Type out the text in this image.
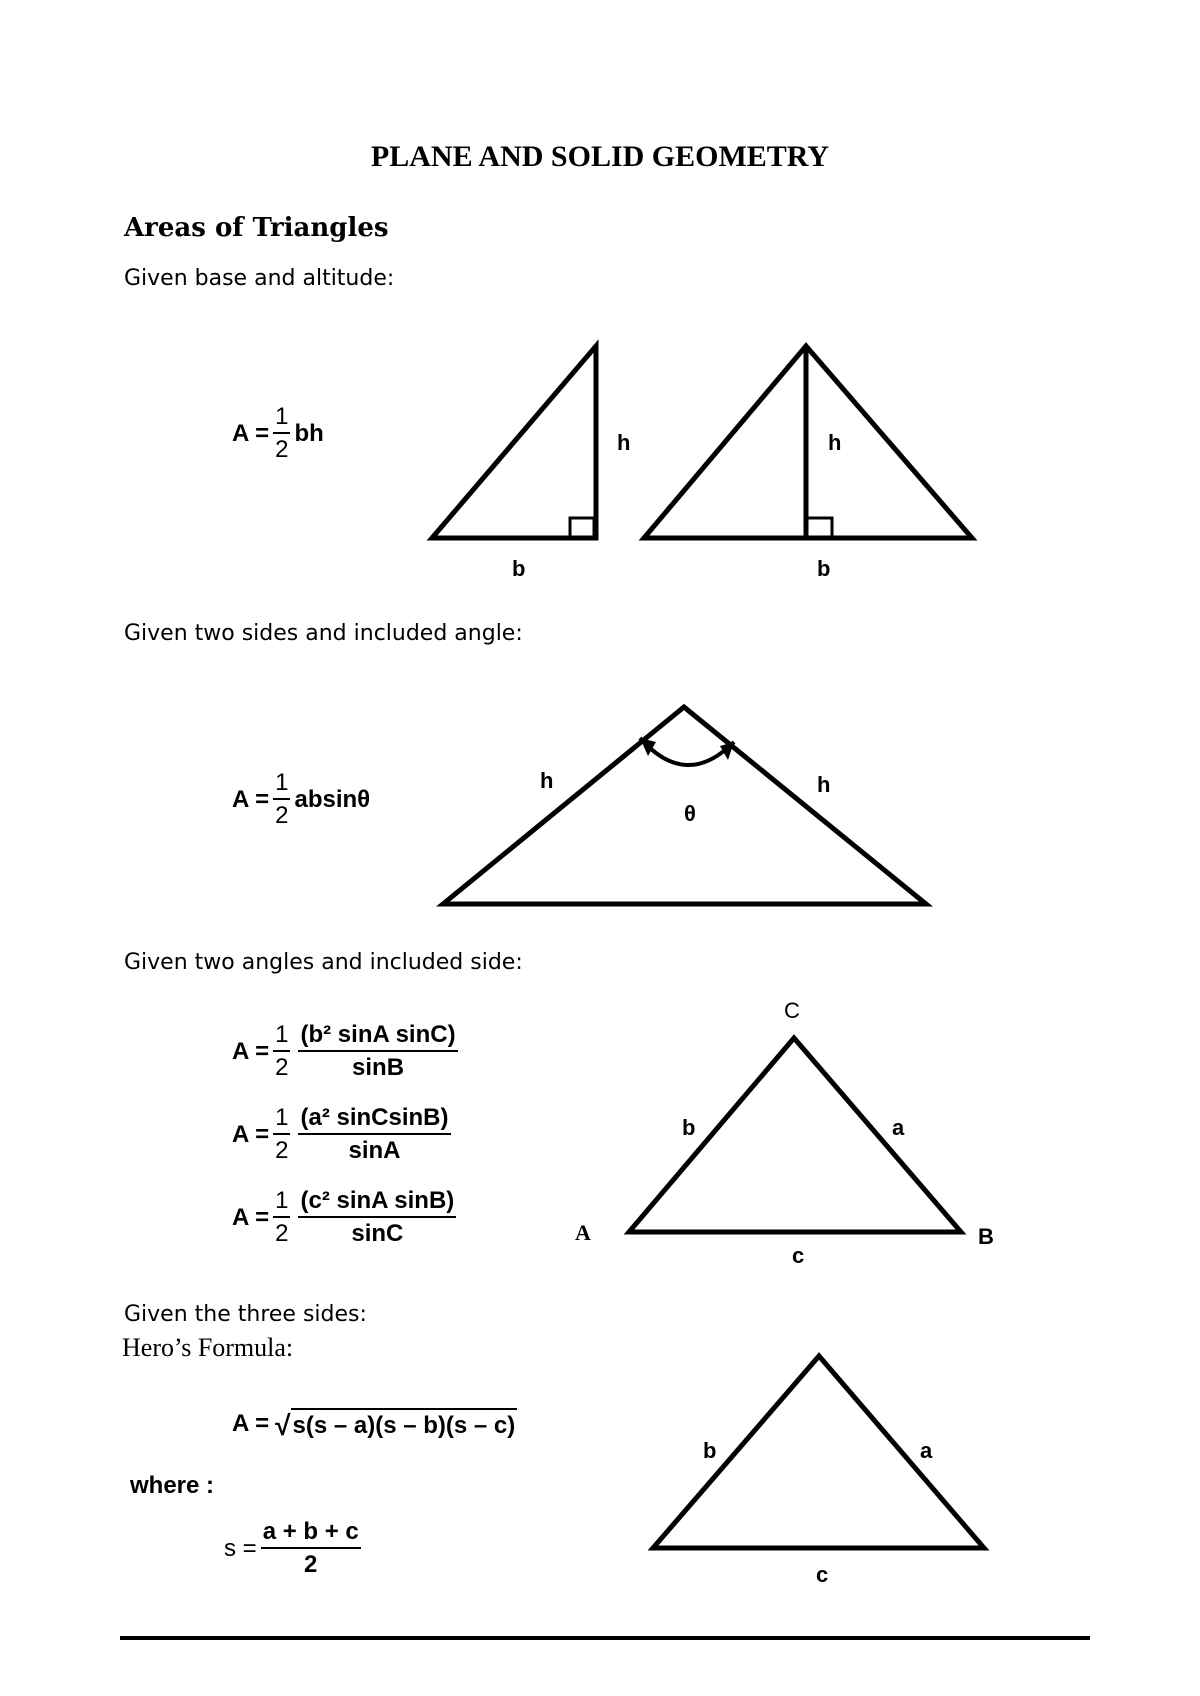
PLANE AND SOLID GEOMETRY
Areas of Triangles
Given base and altitude:
$A = \frac{1}{2}$ bh
Given two sides and included angle:
$A = \frac{1}{2}$ absinθ
Given two angles and included side:
$A = \frac{1}{2} \frac{\text{(b² sinA sinC)}}{\sin B}$
$A = \frac{1}{2} \frac{\text{(a² sinCsinB)}}{\sin A}$
$A = \frac{1}{2} \frac{\text{(c² sinA sinB)}}{\sin C}$
Given the three sides:
Hero’s Formula:
A = √ s(s – a)(s – b)(s – c)
where :
$s = \frac{a + b + c}{2}$
h
b
h
b
h	h
θ
C
A	B
b	a
c
b	a
c
